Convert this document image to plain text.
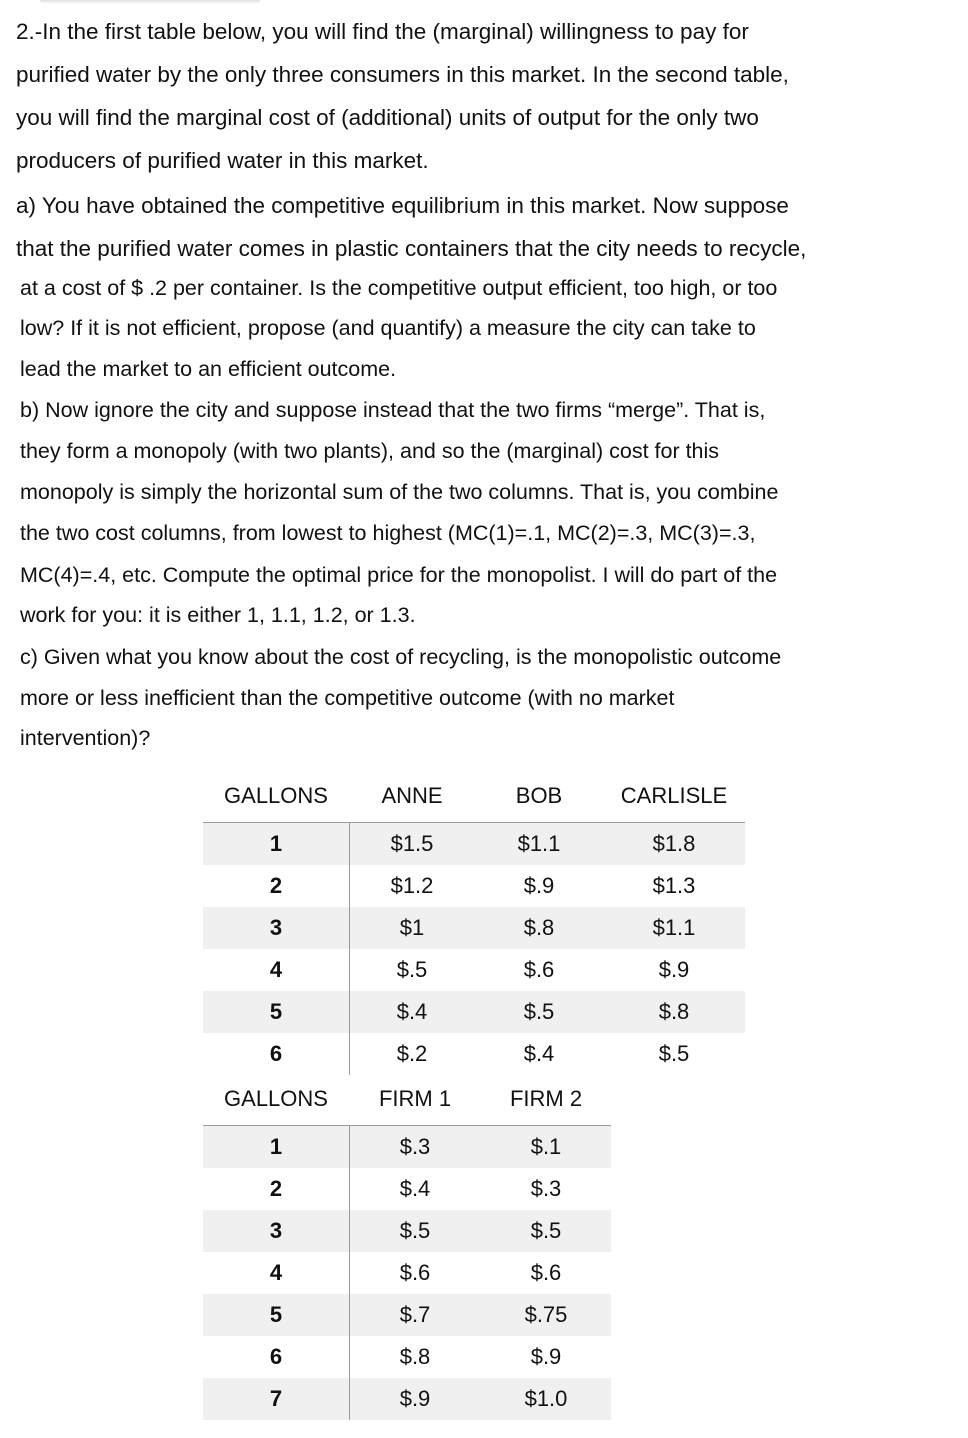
2.-In the first table below, you will find the (marginal) willingness to pay for
purified water by the only three consumers in this market. In the second table,
you will find the marginal cost of (additional) units of output for the only two
producers of purified water in this market.
a) You have obtained the competitive equilibrium in this market. Now suppose
that the purified water comes in plastic containers that the city needs to recycle,
at a cost of $ .2 per container. Is the competitive output efficient, too high, or too
low? If it is not efficient, propose (and quantify) a measure the city can take to
lead the market to an efficient outcome.
b) Now ignore the city and suppose instead that the two firms “merge”. That is,
they form a monopoly (with two plants), and so the (marginal) cost for this
monopoly is simply the horizontal sum of the two columns. That is, you combine
the two cost columns, from lowest to highest (MC(1)=.1, MC(2)=.3, MC(3)=.3,
MC(4)=.4, etc. Compute the optimal price for the monopolist. I will do part of the
work for you: it is either 1, 1.1, 1.2, or 1.3.
c) Given what you know about the cost of recycling, is the monopolistic outcome
more or less inefficient than the competitive outcome (with no market
intervention)?
GALLONS	ANNE	BOB	CARLISLE
1	$1.5	$1.1	$1.8
2	$1.2	$.9	$1.3
3	$1	$.8	$1.1
4	$.5	$.6	$.9
5	$.4	$.5	$.8
6	$.2	$.4	$.5
GALLONS	FIRM 1	FIRM 2
1	$.3	$.1
2	$.4	$.3
3	$.5	$.5
4	$.6	$.6
5	$.7	$.75
6	$.8	$.9
7	$.9	$1.0
